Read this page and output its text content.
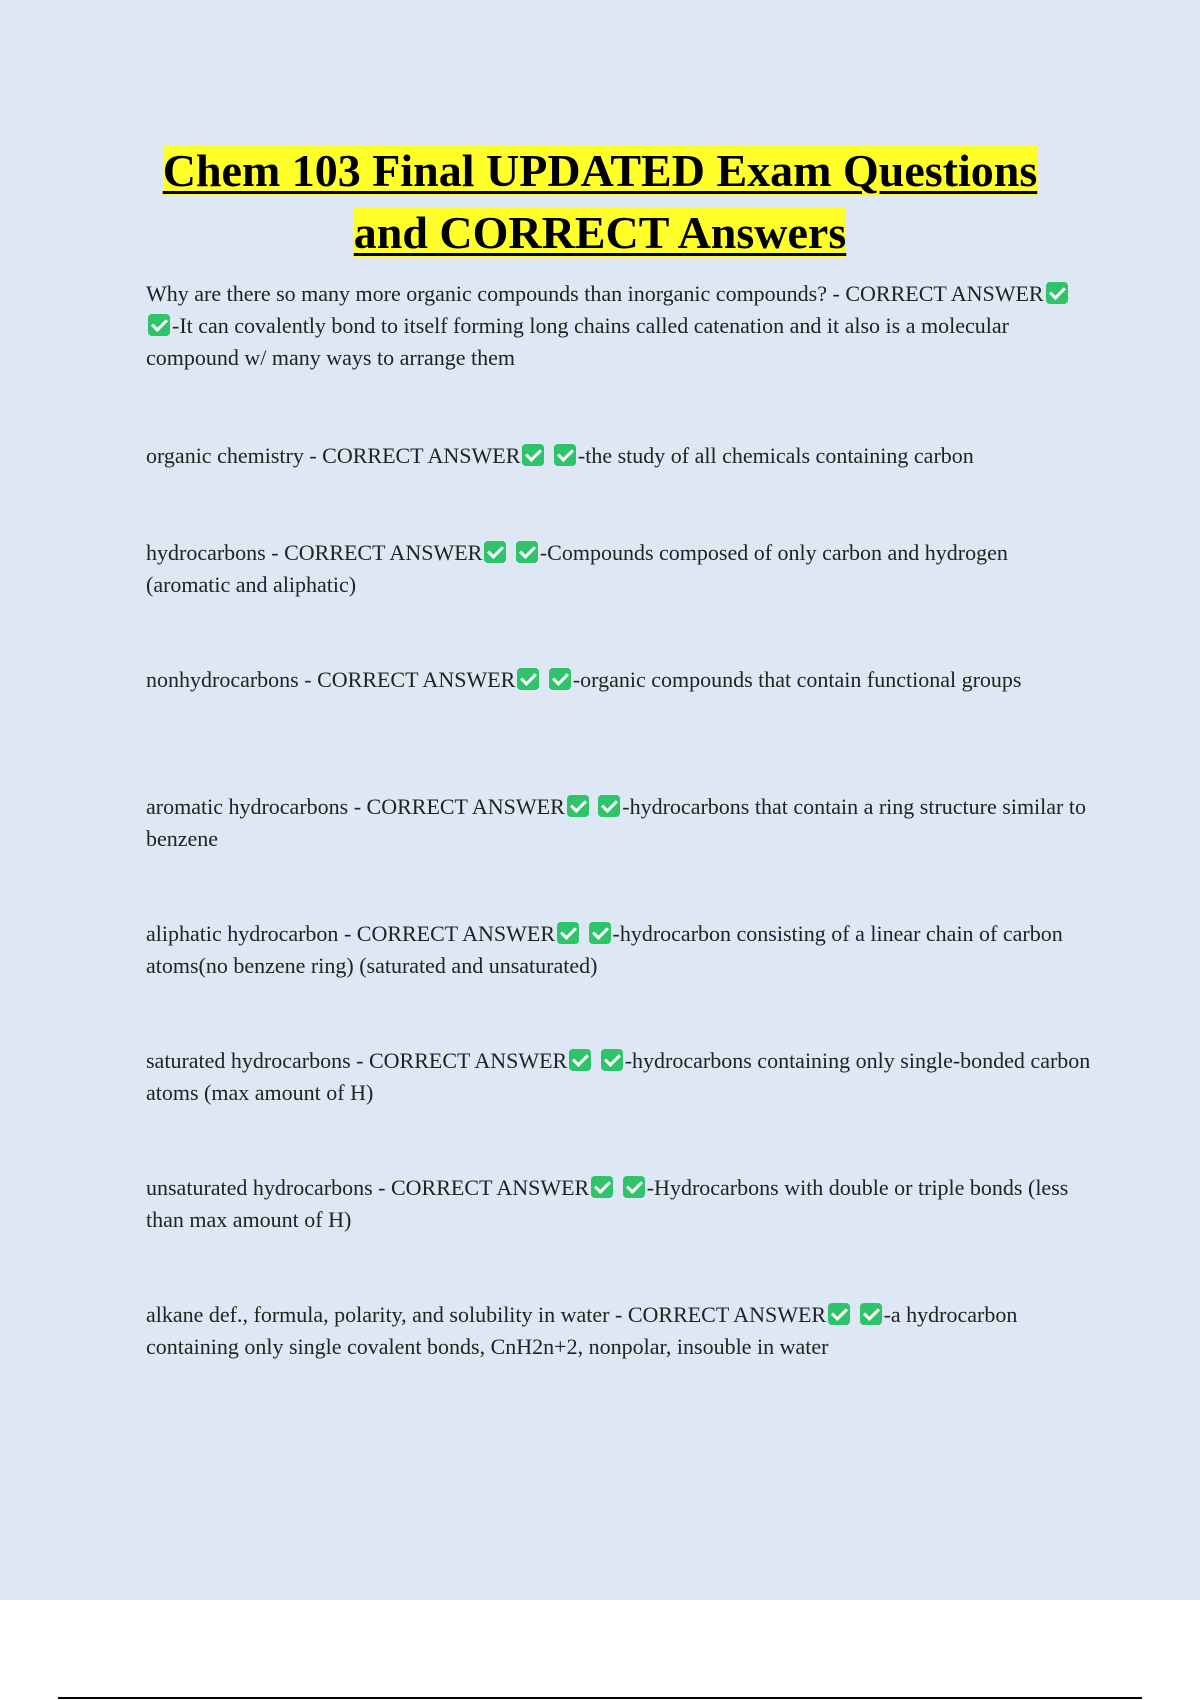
Chem 103 Final UPDATED Exam Questions
and CORRECT Answers
Why are there so many more organic compounds than inorganic compounds? - CORRECT ANSWER -It can covalently bond to itself forming long chains called catenation and it also is a molecular compound w/ many ways to arrange them
organic chemistry - CORRECT ANSWER	-the study of all chemicals containing carbon
hydrocarbons - CORRECT ANSWER	-Compounds composed of only carbon and hydrogen (aromatic and aliphatic)
nonhydrocarbons - CORRECT ANSWER	-organic compounds that contain functional groups
aromatic hydrocarbons - CORRECT ANSWER	-hydrocarbons that contain a ring structure similar to benzene
aliphatic hydrocarbon - CORRECT ANSWER	-hydrocarbon consisting of a linear chain of carbon atoms(no benzene ring) (saturated and unsaturated)
saturated hydrocarbons - CORRECT ANSWER	-hydrocarbons containing only single-bonded carbon atoms (max amount of H)
unsaturated hydrocarbons - CORRECT ANSWER	-Hydrocarbons with double or triple bonds (less than max amount of H)
alkane def., formula, polarity, and solubility in water - CORRECT ANSWER	-a hydrocarbon containing only single covalent bonds, CnH2n+2, nonpolar, insouble in water
